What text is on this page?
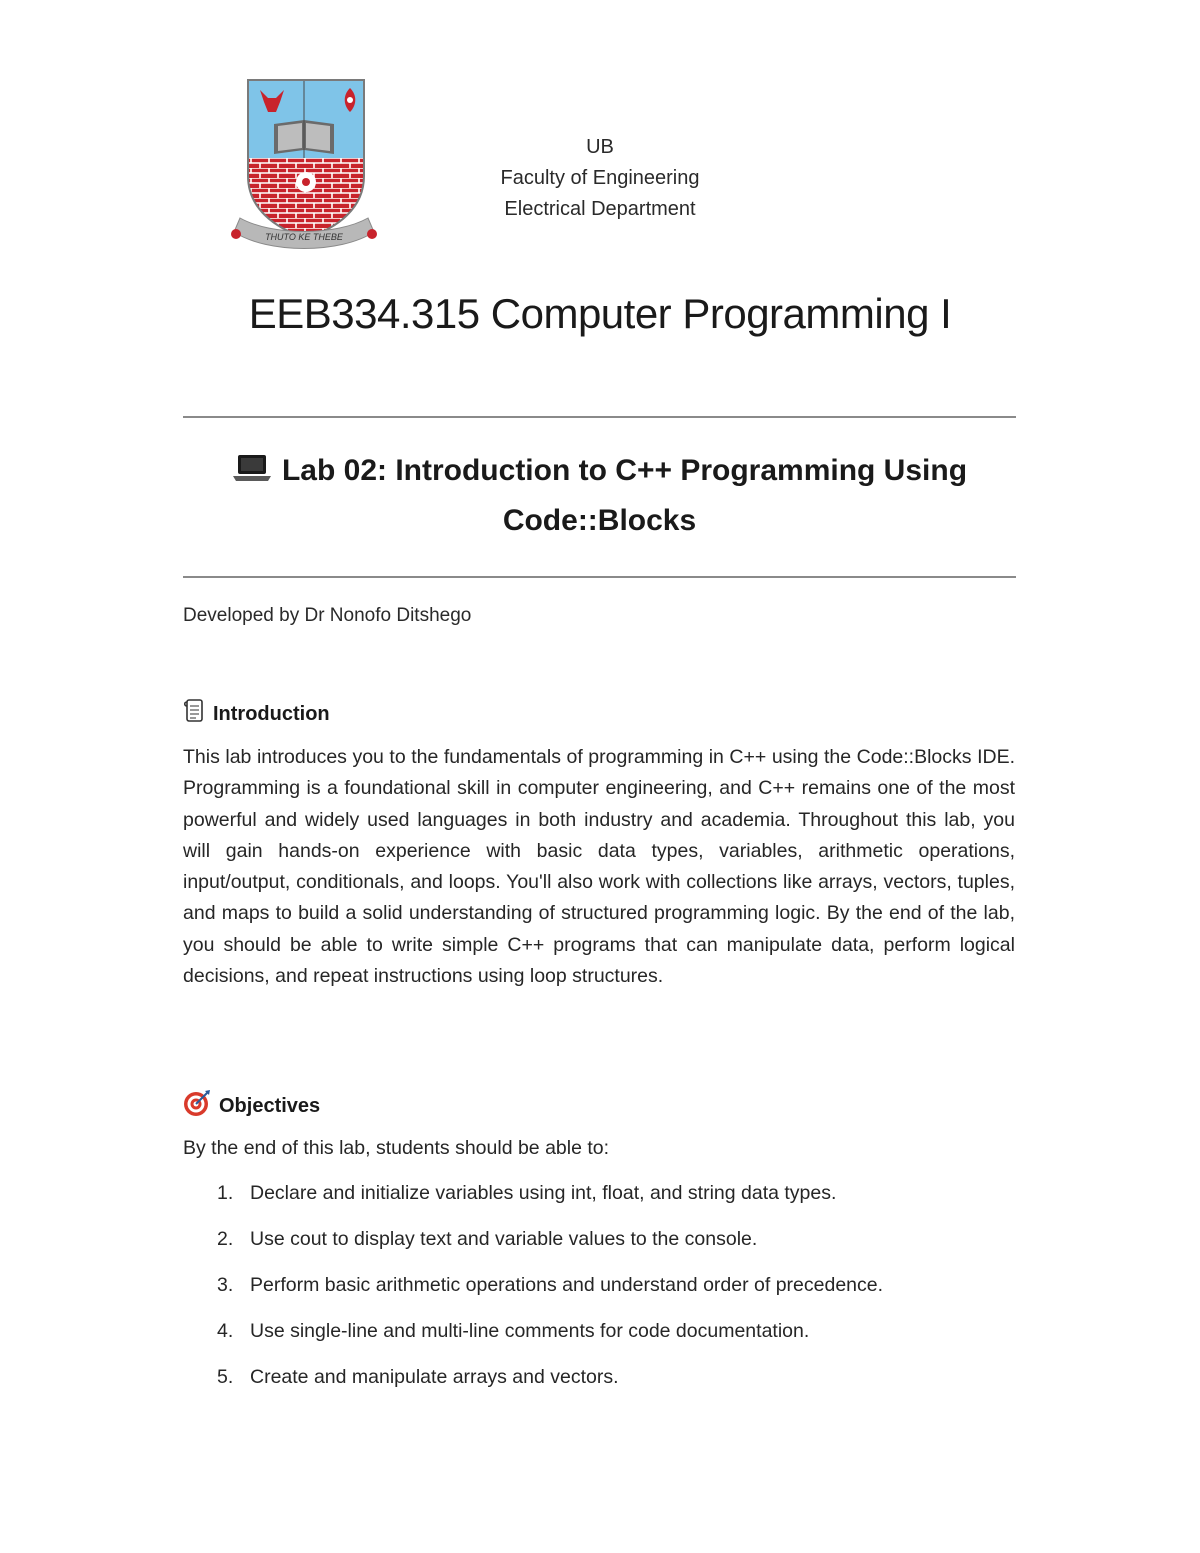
THUTO KE THEBE
UB
Faculty of Engineering
Electrical Department
EEB334.315 Computer Programming I
Lab 02: Introduction to C++ Programming Using
Code::Blocks
Developed by Dr Nonofo Ditshego
Introduction
This lab introduces you to the fundamentals of programming in C++ using the Code::Blocks IDE. Programming is a foundational skill in computer engineering, and C++ remains one of the most powerful and widely used languages in both industry and academia. Throughout this lab, you will gain hands-on experience with basic data types, variables, arithmetic operations, input/output, conditionals, and loops. You'll also work with collections like arrays, vectors, tuples, and maps to build a solid understanding of structured programming logic. By the end of the lab, you should be able to write simple C++ programs that can manipulate data, perform logical decisions, and repeat instructions using loop structures.
Objectives
By the end of this lab, students should be able to:
1. Declare and initialize variables using int, float, and string data types.
2. Use cout to display text and variable values to the console.
3. Perform basic arithmetic operations and understand order of precedence.
4. Use single-line and multi-line comments for code documentation.
5. Create and manipulate arrays and vectors.
